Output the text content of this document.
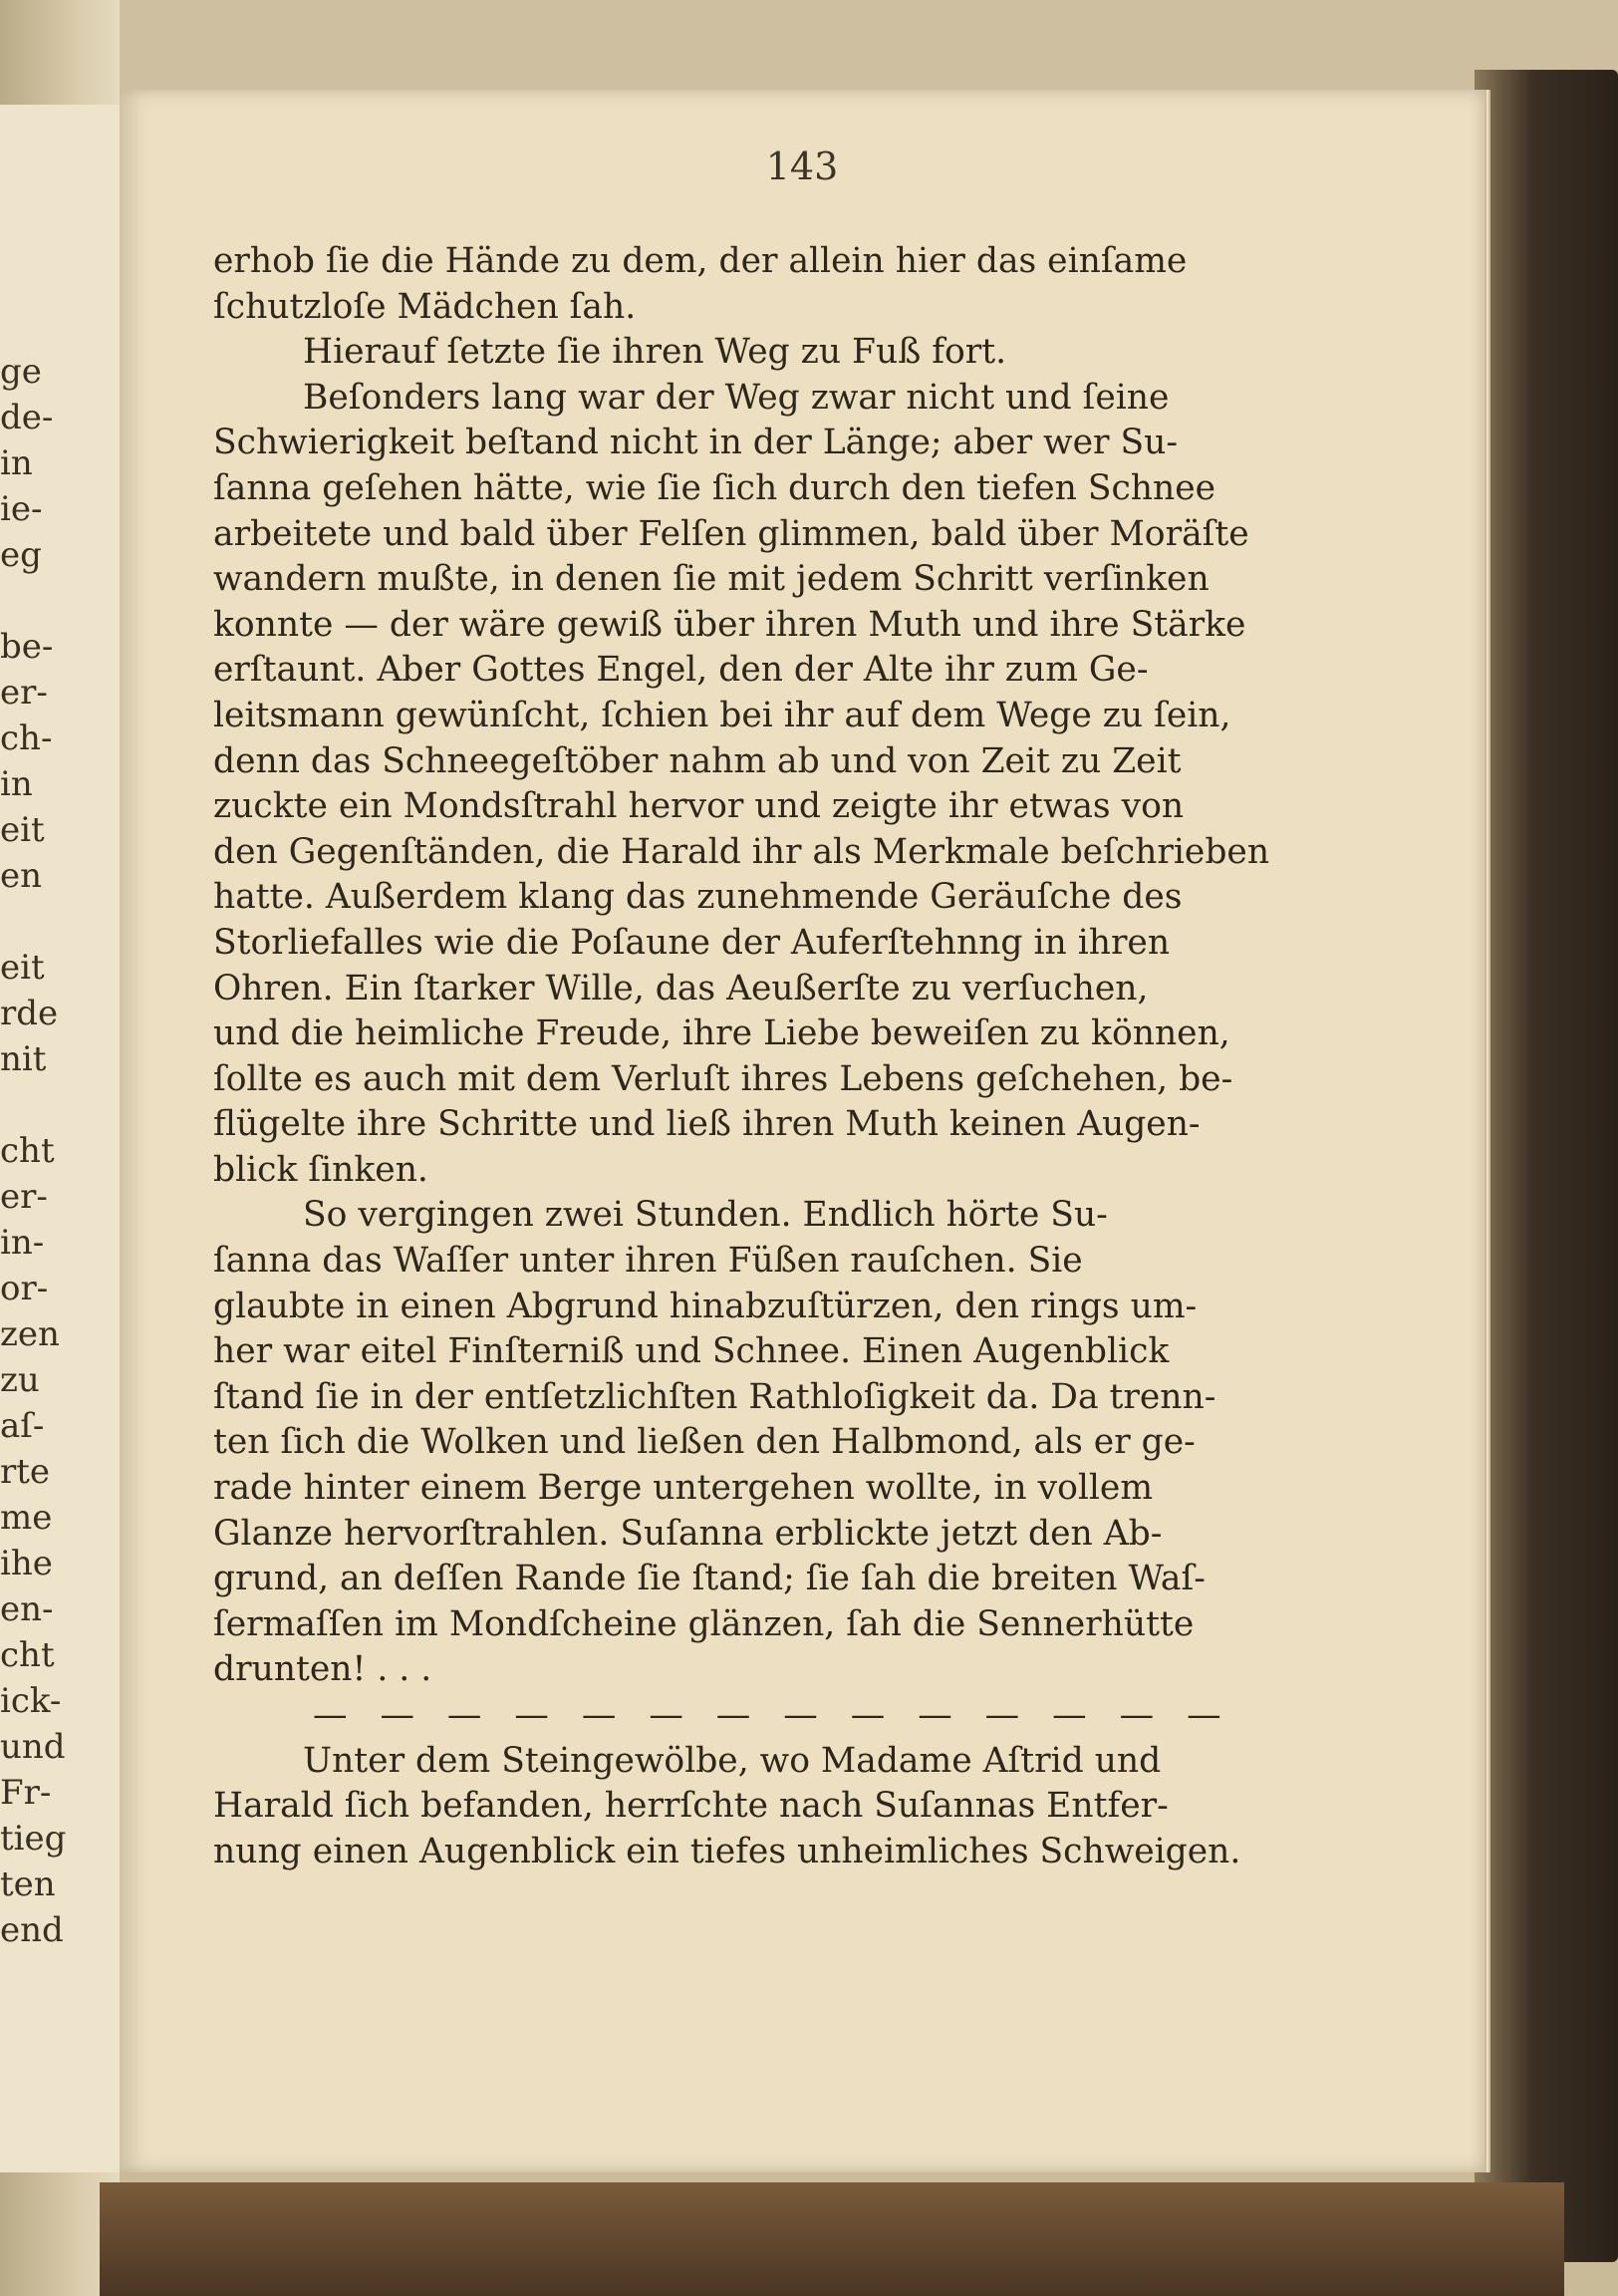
ge
de-
in
ie-
eg
be-
er-
ch-
in
eit
en
eit
rde
nit
cht
er-
in-
or-
zen
zu
aſ-
rte
me
ihe
en-
cht
ick-
und
Fr-
tieg
ten
end
143
erhob ſie die Hände zu dem, der allein hier das einſame
ſchutzloſe Mädchen ſah.
Hierauf ſetzte ſie ihren Weg zu Fuß fort.
Beſonders lang war der Weg zwar nicht und ſeine
Schwierigkeit beſtand nicht in der Länge; aber wer Su-
ſanna geſehen hätte, wie ſie ſich durch den tiefen Schnee
arbeitete und bald über Felſen glimmen, bald über Moräſte
wandern mußte, in denen ſie mit jedem Schritt verſinken
konnte — der wäre gewiß über ihren Muth und ihre Stärke
erſtaunt. Aber Gottes Engel, den der Alte ihr zum Ge-
leitsmann gewünſcht, ſchien bei ihr auf dem Wege zu ſein,
denn das Schneegeſtöber nahm ab und von Zeit zu Zeit
zuckte ein Mondsſtrahl hervor und zeigte ihr etwas von
den Gegenſtänden, die Harald ihr als Merkmale beſchrieben
hatte. Außerdem klang das zunehmende Geräuſche des
Storliefalles wie die Poſaune der Auferſtehnng in ihren
Ohren. Ein ſtarker Wille, das Aeußerſte zu verſuchen,
und die heimliche Freude, ihre Liebe beweiſen zu können,
ſollte es auch mit dem Verluſt ihres Lebens geſchehen, be-
flügelte ihre Schritte und ließ ihren Muth keinen Augen-
blick ſinken.
So vergingen zwei Stunden. Endlich hörte Su-
ſanna das Waſſer unter ihren Füßen rauſchen. Sie
glaubte in einen Abgrund hinabzuſtürzen, den rings um-
her war eitel Finſterniß und Schnee. Einen Augenblick
ſtand ſie in der entſetzlichſten Rathloſigkeit da. Da trenn-
ten ſich die Wolken und ließen den Halbmond, als er ge-
rade hinter einem Berge untergehen wollte, in vollem
Glanze hervorſtrahlen. Suſanna erblickte jetzt den Ab-
grund, an deſſen Rande ſie ſtand; ſie ſah die breiten Waſ-
ſermaſſen im Mondſcheine glänzen, ſah die Sennerhütte
drunten! . . .
— — — — — — — — — — — — — —
Unter dem Steingewölbe, wo Madame Aſtrid und
Harald ſich befanden, herrſchte nach Suſannas Entfer-
nung einen Augenblick ein tiefes unheimliches Schweigen.
